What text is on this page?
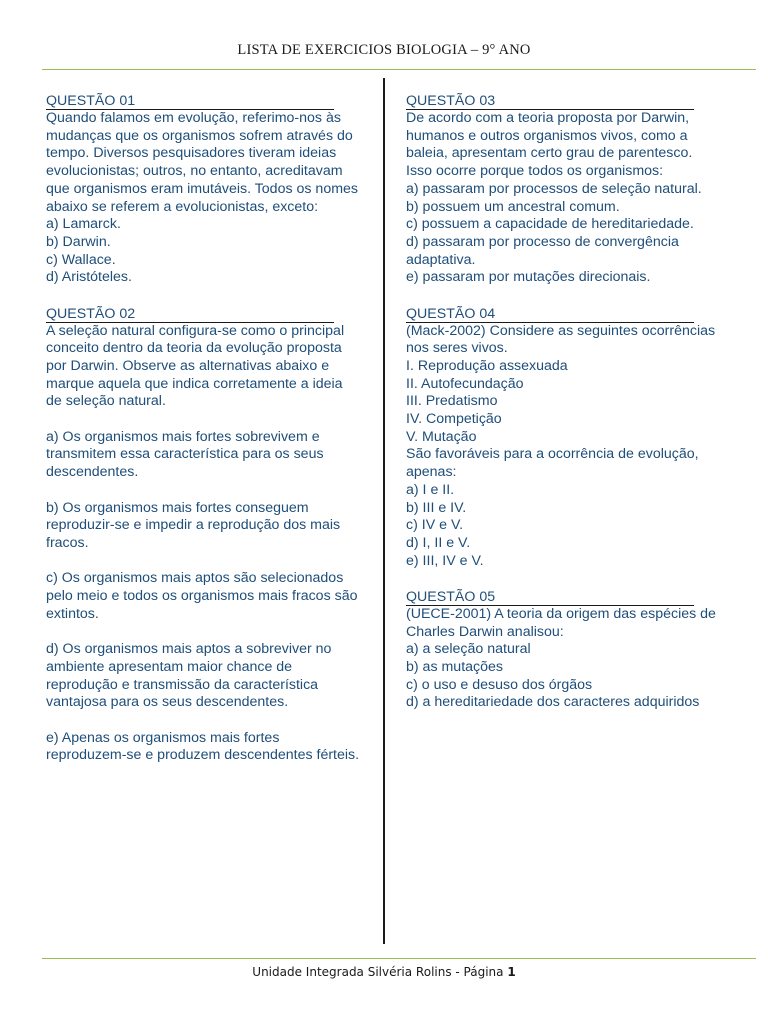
LISTA DE EXERCICIOS BIOLOGIA – 9° ANO
QUESTÃO 01
Quando falamos em evolução, referimo-nos às
mudanças que os organismos sofrem através do
tempo. Diversos pesquisadores tiveram ideias
evolucionistas; outros, no entanto, acreditavam
que organismos eram imutáveis. Todos os nomes
abaixo se referem a evolucionistas, exceto:
a) Lamarck.
b) Darwin.
c) Wallace.
d) Aristóteles.
QUESTÃO 02
A seleção natural configura-se como o principal
conceito dentro da teoria da evolução proposta
por Darwin. Observe as alternativas abaixo e
marque aquela que indica corretamente a ideia
de seleção natural.
a) Os organismos mais fortes sobrevivem e
transmitem essa característica para os seus
descendentes.
b) Os organismos mais fortes conseguem
reproduzir-se e impedir a reprodução dos mais
fracos.
c) Os organismos mais aptos são selecionados
pelo meio e todos os organismos mais fracos são
extintos.
d) Os organismos mais aptos a sobreviver no
ambiente apresentam maior chance de
reprodução e transmissão da característica
vantajosa para os seus descendentes.
e) Apenas os organismos mais fortes
reproduzem-se e produzem descendentes férteis.
QUESTÃO 03
De acordo com a teoria proposta por Darwin,
humanos e outros organismos vivos, como a
baleia, apresentam certo grau de parentesco.
Isso ocorre porque todos os organismos:
a) passaram por processos de seleção natural.
b) possuem um ancestral comum.
c) possuem a capacidade de hereditariedade.
d) passaram por processo de convergência
adaptativa.
e) passaram por mutações direcionais.
QUESTÃO 04
(Mack-2002) Considere as seguintes ocorrências
nos seres vivos.
I. Reprodução assexuada
II. Autofecundação
III. Predatismo
IV. Competição
V. Mutação
São favoráveis para a ocorrência de evolução,
apenas:
a) I e II.
b) III e IV.
c) IV e V.
d) I, II e V.
e) III, IV e V.
QUESTÃO 05
(UECE-2001) A teoria da origem das espécies de
Charles Darwin analisou:
a) a seleção natural
b) as mutações
c) o uso e desuso dos órgãos
d) a hereditariedade dos caracteres adquiridos
Unidade Integrada Silvéria Rolins - Página 1
